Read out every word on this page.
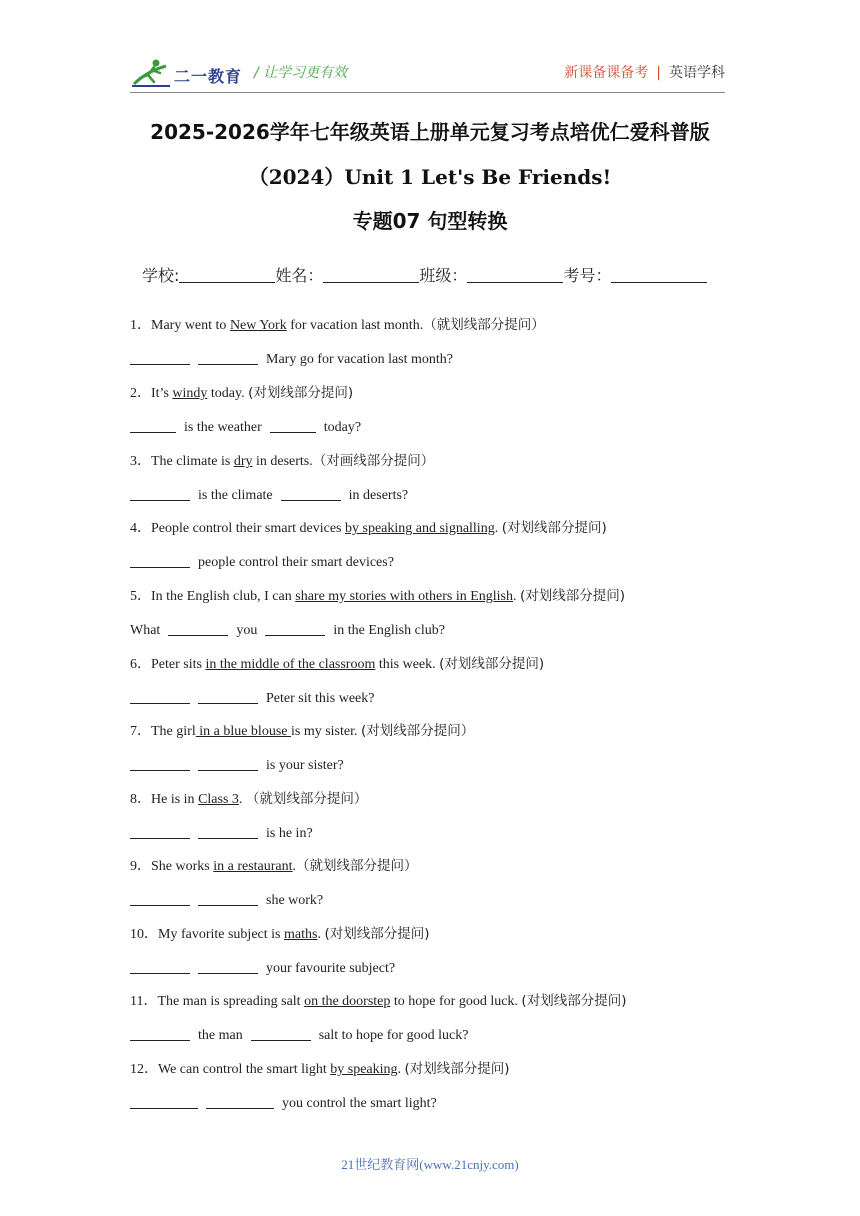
二一教育 / 让学习更有效	新课备课备考 | 英语学科
2025-2026学年七年级英语上册单元复习考点培优仁爱科普版
（2024）Unit 1 Let's Be Friends!
专题07 句型转换
学校:	姓名：	班级：	考号：
1．Mary went to New York for vacation last month.（就划线部分提问）
Mary go for vacation last month?
2．It’s windy today. (对划线部分提问)
is the weather	today?
3．The climate is dry in deserts.（对画线部分提问）
is the climate	in deserts?
4．People control their smart devices by speaking and signalling. (对划线部分提问)
people control their smart devices?
5．In the English club, I can share my stories with others in English. (对划线部分提问)
What	you	in the English club?
6．Peter sits in the middle of the classroom this week. (对划线部分提问)
Peter sit this week?
7．The girl in a blue blouse is my sister. (对划线部分提问）
is your sister?
8．He is in Class 3. （就划线部分提问）
is he in?
9．She works in a restaurant.（就划线部分提问）
she work?
10．My favorite subject is maths. (对划线部分提问)
your favourite subject?
11．The man is spreading salt on the doorstep to hope for good luck. (对划线部分提问)
the man	salt to hope for good luck?
12．We can control the smart light by speaking. (对划线部分提问)
you control the smart light?
21世纪教育网(www.21cnjy.com)
